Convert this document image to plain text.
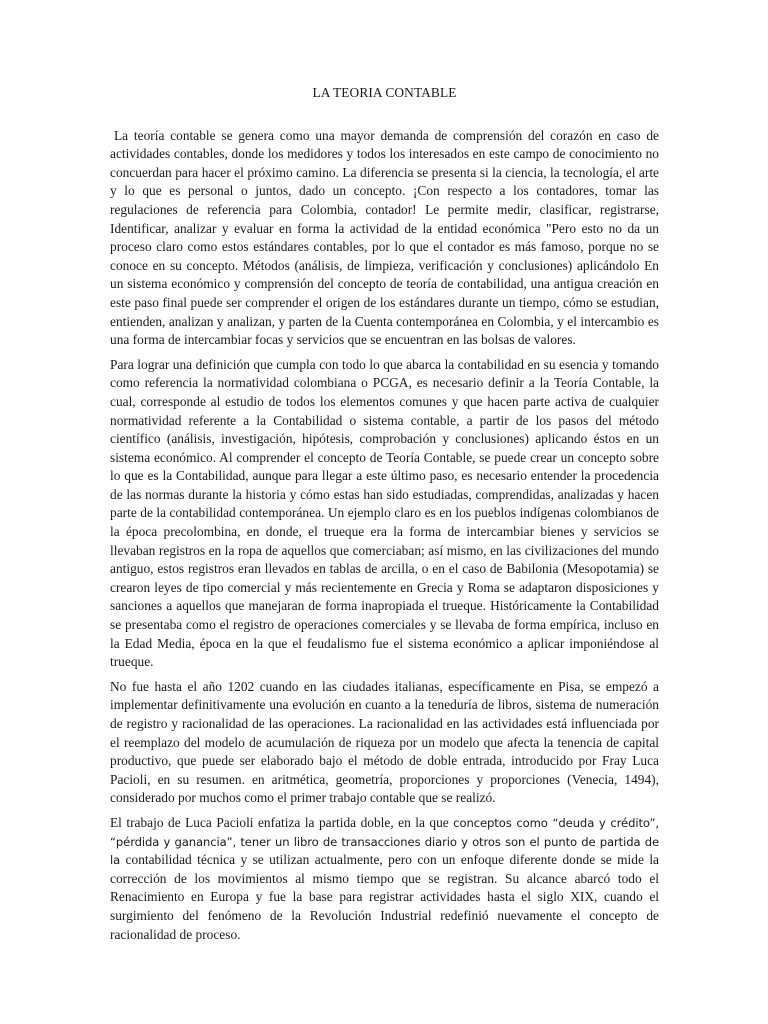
LA TEORIA CONTABLE

La teoría contable se genera como una mayor demanda de comprensión del corazón en caso de actividades contables, donde los medidores y todos los interesados en este campo de conocimiento no concuerdan para hacer el próximo camino. La diferencia se presenta si la ciencia, la tecnología, el arte y lo que es personal o juntos, dado un concepto. ¡Con respecto a los contadores, tomar las regulaciones de referencia para Colombia, contador! Le permite medir, clasificar, registrarse, Identificar, analizar y evaluar en forma la actividad de la entidad económica "Pero esto no da un proceso claro como estos estándares contables, por lo que el contador es más famoso, porque no se conoce en su concepto. Métodos (análisis, de limpieza, verificación y conclusiones) aplicándolo En un sistema económico y comprensión del concepto de teoría de contabilidad, una antigua creación en este paso final puede ser comprender el origen de los estándares durante un tiempo, cómo se estudian, entienden, analizan y analizan, y parten de la Cuenta contemporánea en Colombia, y el intercambio es una forma de intercambiar focas y servicios que se encuentran en las bolsas de valores.

Para lograr una definición que cumpla con todo lo que abarca la contabilidad en su esencia y tomando como referencia la normatividad colombiana o PCGA, es necesario definir a la Teoría Contable, la cual, corresponde al estudio de todos los elementos comunes y que hacen parte activa de cualquier normatividad referente a la Contabilidad o sistema contable, a partir de los pasos del método científico (análisis, investigación, hipótesis, comprobación y conclusiones) aplicando éstos en un sistema económico. Al comprender el concepto de Teoría Contable, se puede crear un concepto sobre lo que es la Contabilidad, aunque para llegar a este último paso, es necesario entender la procedencia de las normas durante la historia y cómo estas han sido estudiadas, comprendidas, analizadas y hacen parte de la contabilidad contemporánea. Un ejemplo claro es en los pueblos indígenas colombianos de la época precolombina, en donde, el trueque era la forma de intercambiar bienes y servicios se llevaban registros en la ropa de aquellos que comerciaban; así mismo, en las civilizaciones del mundo antiguo, estos registros eran llevados en tablas de arcilla, o en el caso de Babilonia (Mesopotamia) se crearon leyes de tipo comercial y más recientemente en Grecia y Roma se adaptaron disposiciones y sanciones a aquellos que manejaran de forma inapropiada el trueque. Históricamente la Contabilidad se presentaba como el registro de operaciones comerciales y se llevaba de forma empírica, incluso en la Edad Media, época en la que el feudalismo fue el sistema económico a aplicar imponiéndose al trueque.

No fue hasta el año 1202 cuando en las ciudades italianas, específicamente en Pisa, se empezó a implementar definitivamente una evolución en cuanto a la teneduría de libros, sistema de numeración de registro y racionalidad de las operaciones. La racionalidad en las actividades está influenciada por el reemplazo del modelo de acumulación de riqueza por un modelo que afecta la tenencia de capital productivo, que puede ser elaborado bajo el método de doble entrada, introducido por Fray Luca Pacioli, en su resumen. en aritmética, geometría, proporciones y proporciones (Venecia, 1494), considerado por muchos como el primer trabajo contable que se realizó.

El trabajo de Luca Pacioli enfatiza la partida doble, en la que conceptos como “deuda y crédito”, “pérdida y ganancia”, tener un libro de transacciones diario y otros son el punto de partida de la contabilidad técnica y se utilizan actualmente, pero con un enfoque diferente donde se mide la corrección de los movimientos al mismo tiempo que se registran. Su alcance abarcó todo el Renacimiento en Europa y fue la base para registrar actividades hasta el siglo XIX, cuando el surgimiento del fenómeno de la Revolución Industrial redefinió nuevamente el concepto de racionalidad de proceso.
